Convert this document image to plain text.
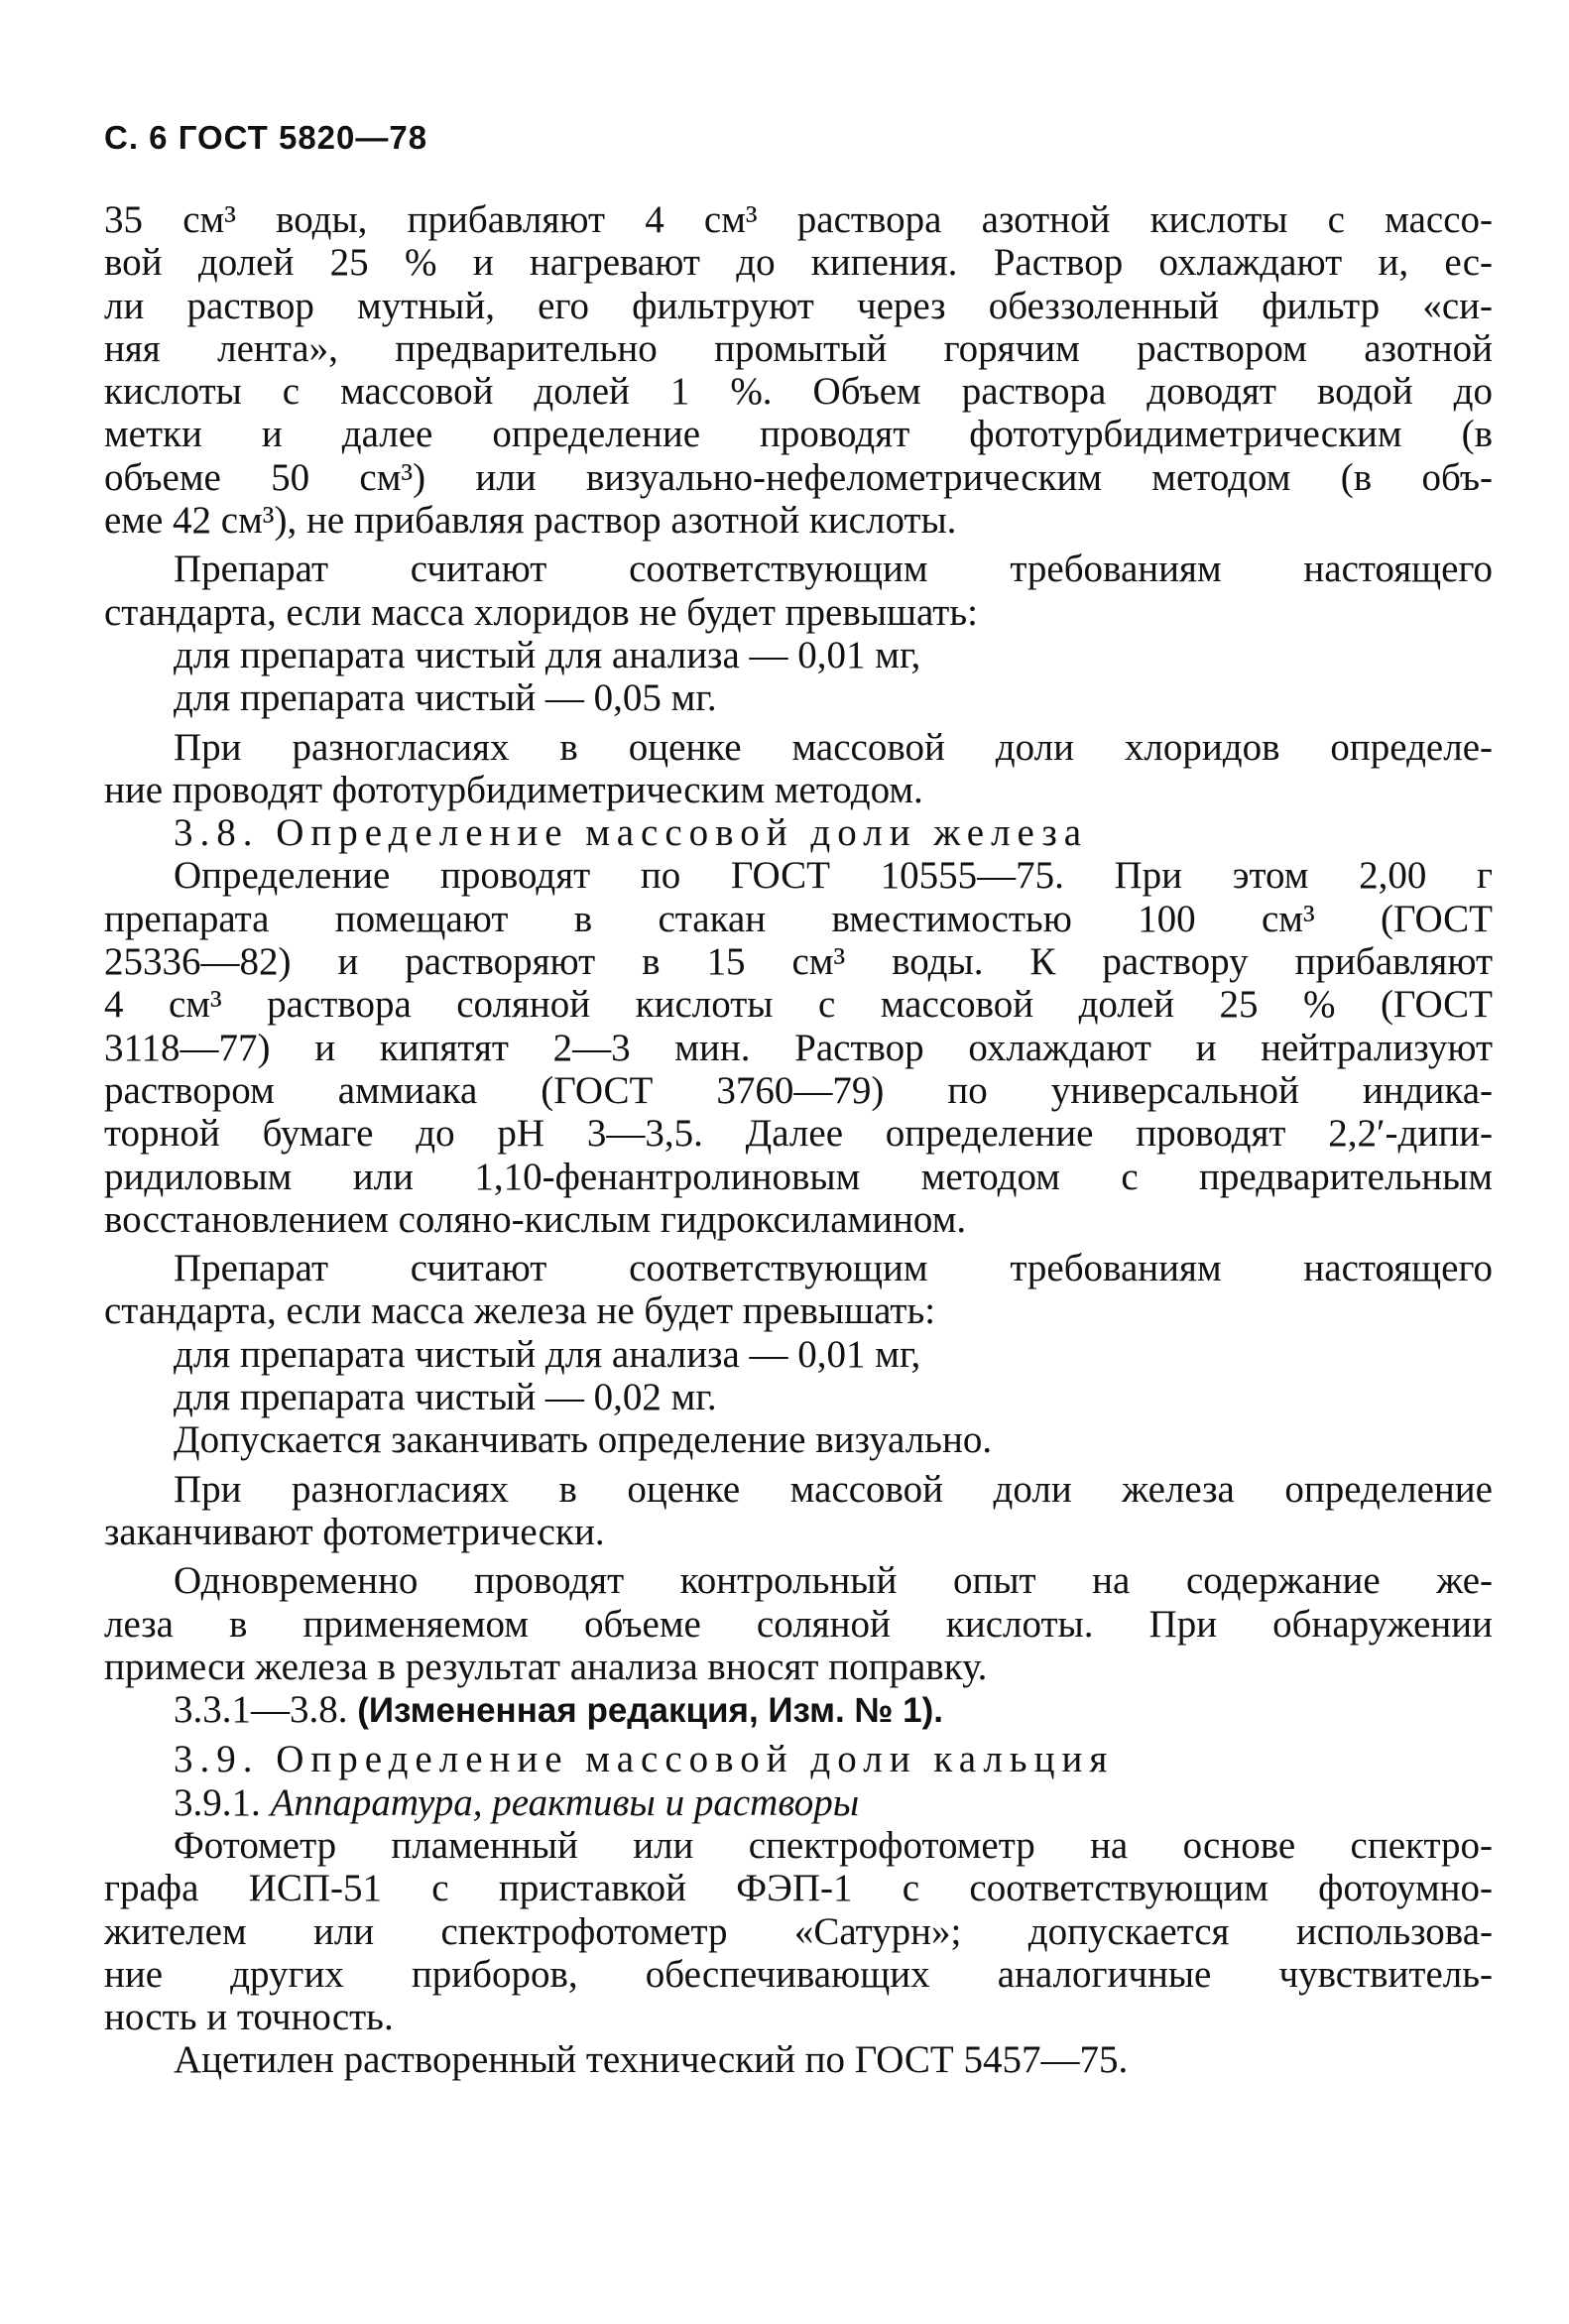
С. 6 ГОСТ 5820—78
35 см³ воды, прибавляют 4 см³ раствора азотной кислоты с массо-
вой долей 25 % и нагревают до кипения. Раствор охлаждают и, ес-
ли раствор мутный, его фильтруют через обеззоленный фильтр «си-
няя лента», предварительно промытый горячим раствором азотной
кислоты с массовой долей 1 %. Объем раствора доводят водой до
метки и далее определение проводят фототурбидиметрическим (в
объеме 50 см³) или визуально-нефелометрическим методом (в объ-
еме 42 см³), не прибавляя раствор азотной кислоты.
Препарат считают соответствующим требованиям настоящего
стандарта, если масса хлоридов не будет превышать:
для препарата чистый для анализа — 0,01 мг,
для препарата чистый — 0,05 мг.
При разногласиях в оценке массовой доли хлоридов определе-
ние проводят фототурбидиметрическим методом.
3.8. Определение массовой доли железа
Определение проводят по ГОСТ 10555—75. При этом 2,00 г
препарата помещают в стакан вместимостью 100 см³ (ГОСТ
25336—82) и растворяют в 15 см³ воды. К раствору прибавляют
4 см³ раствора соляной кислоты с массовой долей 25 % (ГОСТ
3118—77) и кипятят 2—3 мин. Раствор охлаждают и нейтрализуют
раствором аммиака (ГОСТ 3760—79) по универсальной индика-
торной бумаге до pH 3—3,5. Далее определение проводят 2,2′-дипи-
ридиловым или 1,10-фенантролиновым методом с предварительным
восстановлением соляно-кислым гидроксиламином.
Препарат считают соответствующим требованиям настоящего
стандарта, если масса железа не будет превышать:
для препарата чистый для анализа — 0,01 мг,
для препарата чистый — 0,02 мг.
Допускается заканчивать определение визуально.
При разногласиях в оценке массовой доли железа определение
заканчивают фотометрически.
Одновременно проводят контрольный опыт на содержание же-
леза в применяемом объеме соляной кислоты. При обнаружении
примеси железа в результат анализа вносят поправку.
3.3.1—3.8. (Измененная редакция, Изм. № 1).
3.9. Определение массовой доли кальция
3.9.1. Аппаратура, реактивы и растворы
Фотометр пламенный или спектрофотометр на основе спектро-
графа ИСП-51 с приставкой ФЭП-1 с соответствующим фотоумно-
жителем или спектрофотометр «Сатурн»; допускается использова-
ние других приборов, обеспечивающих аналогичные чувствитель-
ность и точность.
Ацетилен растворенный технический по ГОСТ 5457—75.
